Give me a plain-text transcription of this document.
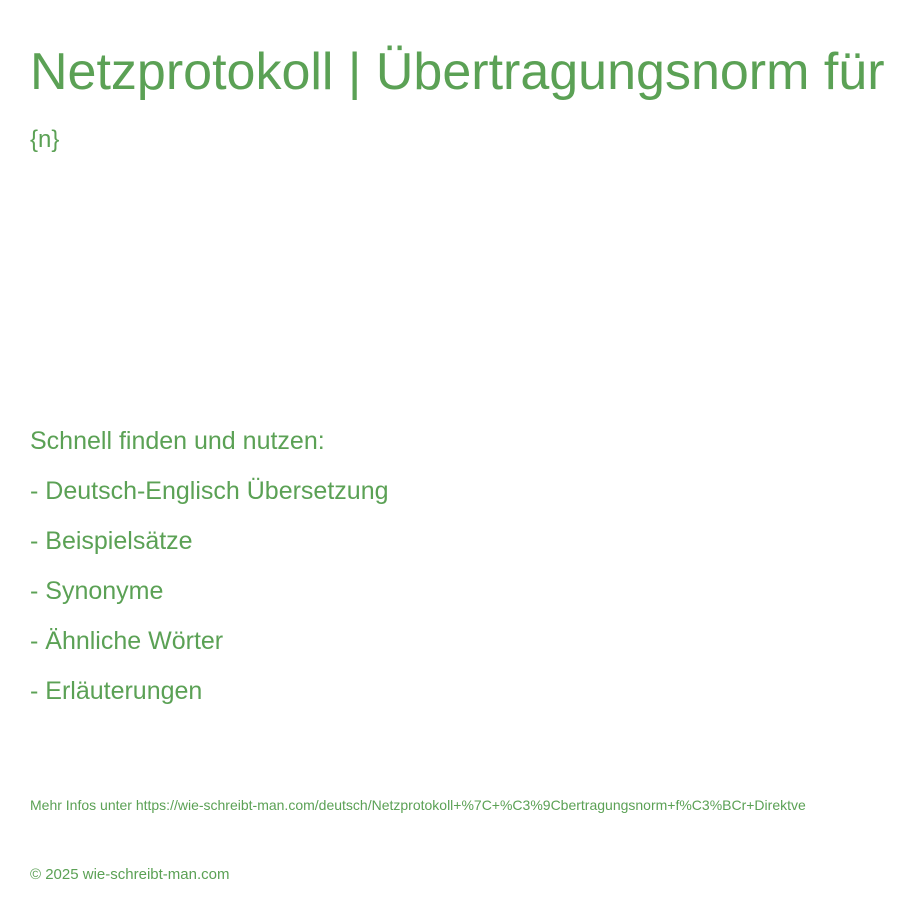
Netzprotokoll | Übertragungsnorm für
{n}
Schnell finden und nutzen:
- Deutsch-Englisch Übersetzung
- Beispielsätze
- Synonyme
- Ähnliche Wörter
- Erläuterungen
Mehr Infos unter https://wie-schreibt-man.com/deutsch/Netzprotokoll+%7C+%C3%9Cbertragungsnorm+f%C3%BCr+Direktve
© 2025 wie-schreibt-man.com
